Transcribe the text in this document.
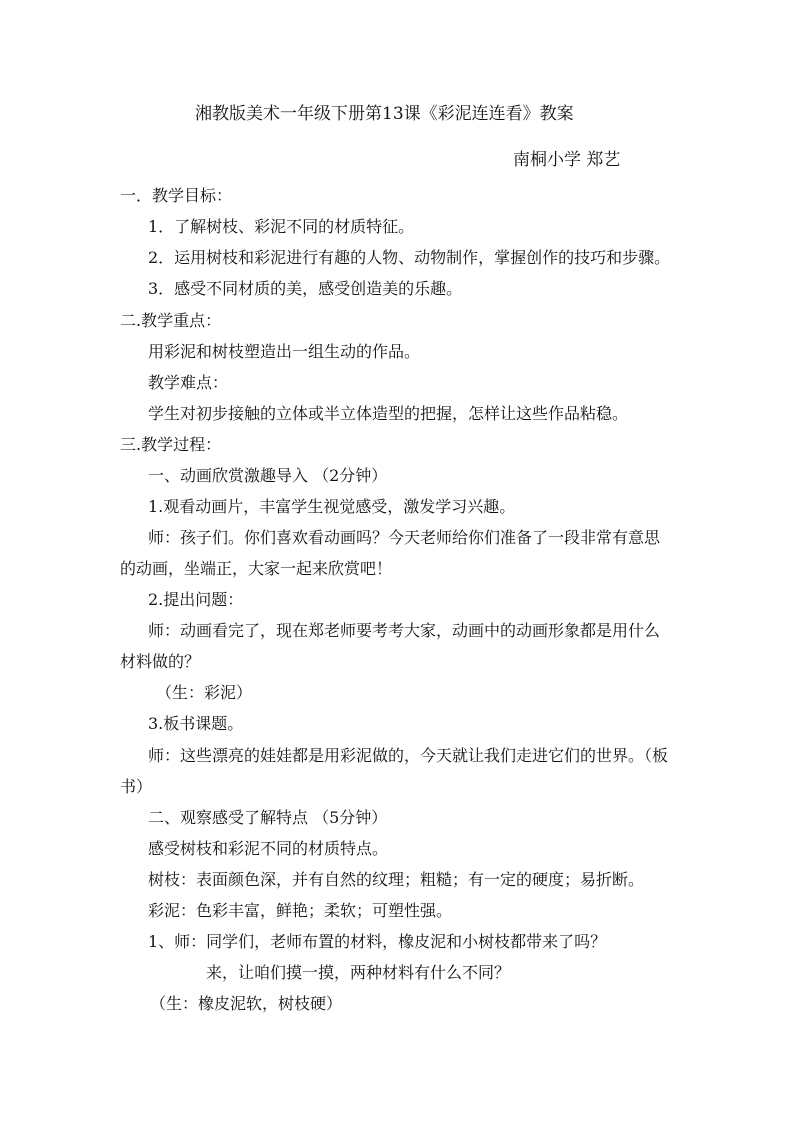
湘教版美术一年级下册第13课《彩泥连连看》教案
南桐小学 郑艺
一．教学目标：
1．了解树枝、彩泥不同的材质特征。
2．运用树枝和彩泥进行有趣的人物、动物制作，掌握创作的技巧和步骤。
3．感受不同材质的美，感受创造美的乐趣。
二.教学重点：
用彩泥和树枝塑造出一组生动的作品。
教学难点：
学生对初步接触的立体或半立体造型的把握，怎样让这些作品粘稳。
三.教学过程：
一、动画欣赏激趣导入 （2分钟）
1.观看动画片，丰富学生视觉感受，激发学习兴趣。
师：孩子们。你们喜欢看动画吗？今天老师给你们准备了一段非常有意思
的动画，坐端正，大家一起来欣赏吧！
2.提出问题：
师：动画看完了，现在郑老师要考考大家，动画中的动画形象都是用什么
材料做的？
（生：彩泥）
3.板书课题。
师：这些漂亮的娃娃都是用彩泥做的，今天就让我们走进它们的世界。（板
书）
二、观察感受了解特点 （5分钟）
感受树枝和彩泥不同的材质特点。
树枝：表面颜色深，并有自然的纹理；粗糙；有一定的硬度；易折断。
彩泥：色彩丰富，鲜艳；柔软；可塑性强。
1、师：同学们，老师布置的材料，橡皮泥和小树枝都带来了吗？
来，让咱们摸一摸，两种材料有什么不同？
（生：橡皮泥软，树枝硬）
